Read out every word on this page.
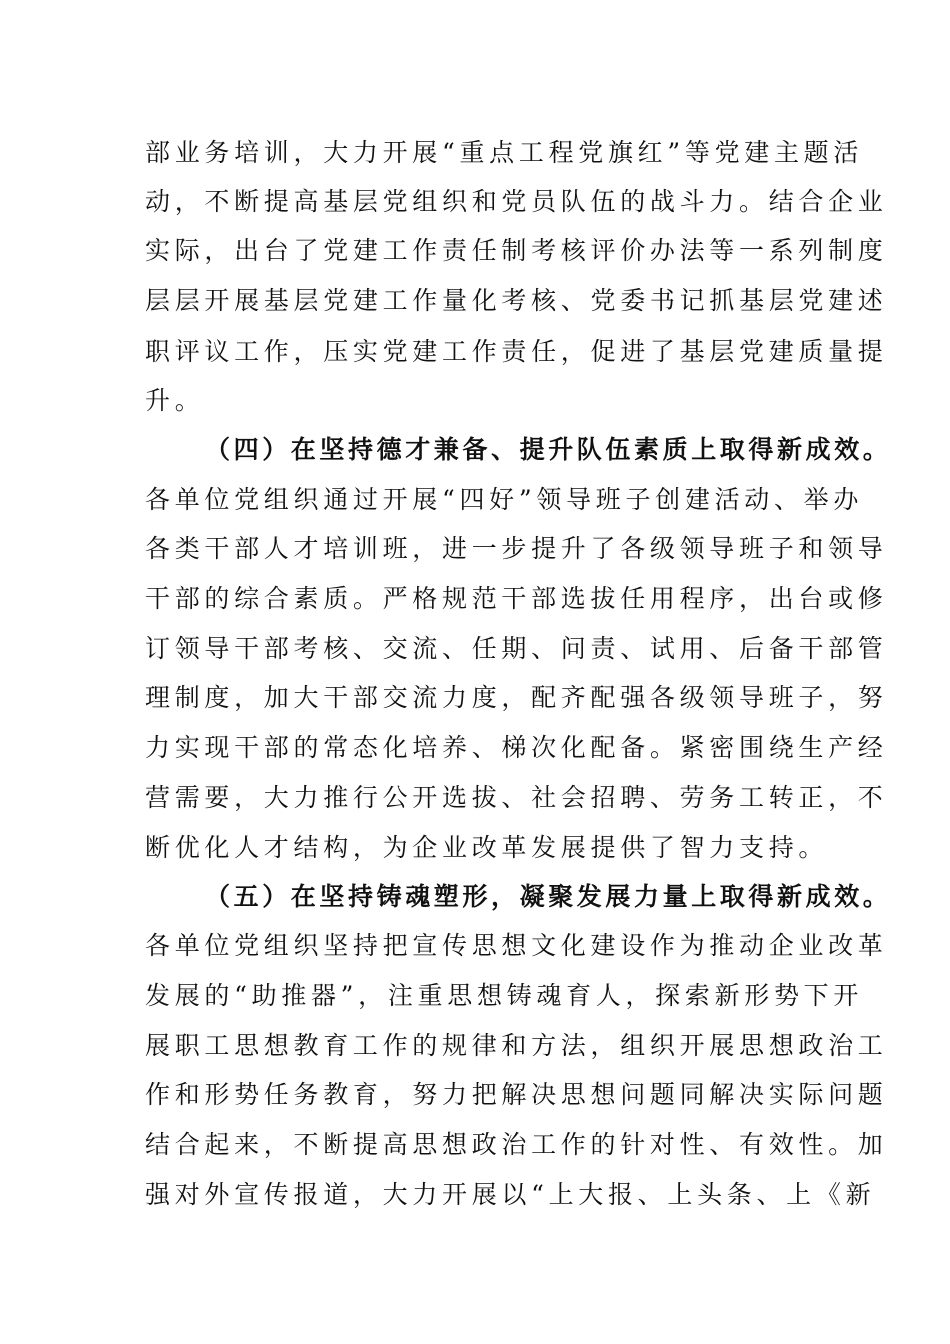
部业务培训，大力开展“重点工程党旗红”等党建主题活
动，不断提高基层党组织和党员队伍的战斗力。结合企业
实际，出台了党建工作责任制考核评价办法等一系列制度
层层开展基层党建工作量化考核、党委书记抓基层党建述
职评议工作，压实党建工作责任，促进了基层党建质量提
升。
（四）在坚持德才兼备、提升队伍素质上取得新成效。
各单位党组织通过开展“四好”领导班子创建活动、举办
各类干部人才培训班，进一步提升了各级领导班子和领导
干部的综合素质。严格规范干部选拔任用程序，出台或修
订领导干部考核、交流、任期、问责、试用、后备干部管
理制度，加大干部交流力度，配齐配强各级领导班子，努
力实现干部的常态化培养、梯次化配备。紧密围绕生产经
营需要，大力推行公开选拔、社会招聘、劳务工转正，不
断优化人才结构，为企业改革发展提供了智力支持。
（五）在坚持铸魂塑形，凝聚发展力量上取得新成效。
各单位党组织坚持把宣传思想文化建设作为推动企业改革
发展的“助推器”，注重思想铸魂育人，探索新形势下开
展职工思想教育工作的规律和方法，组织开展思想政治工
作和形势任务教育，努力把解决思想问题同解决实际问题
结合起来，不断提高思想政治工作的针对性、有效性。加
强对外宣传报道，大力开展以“上大报、上头条、上《新
